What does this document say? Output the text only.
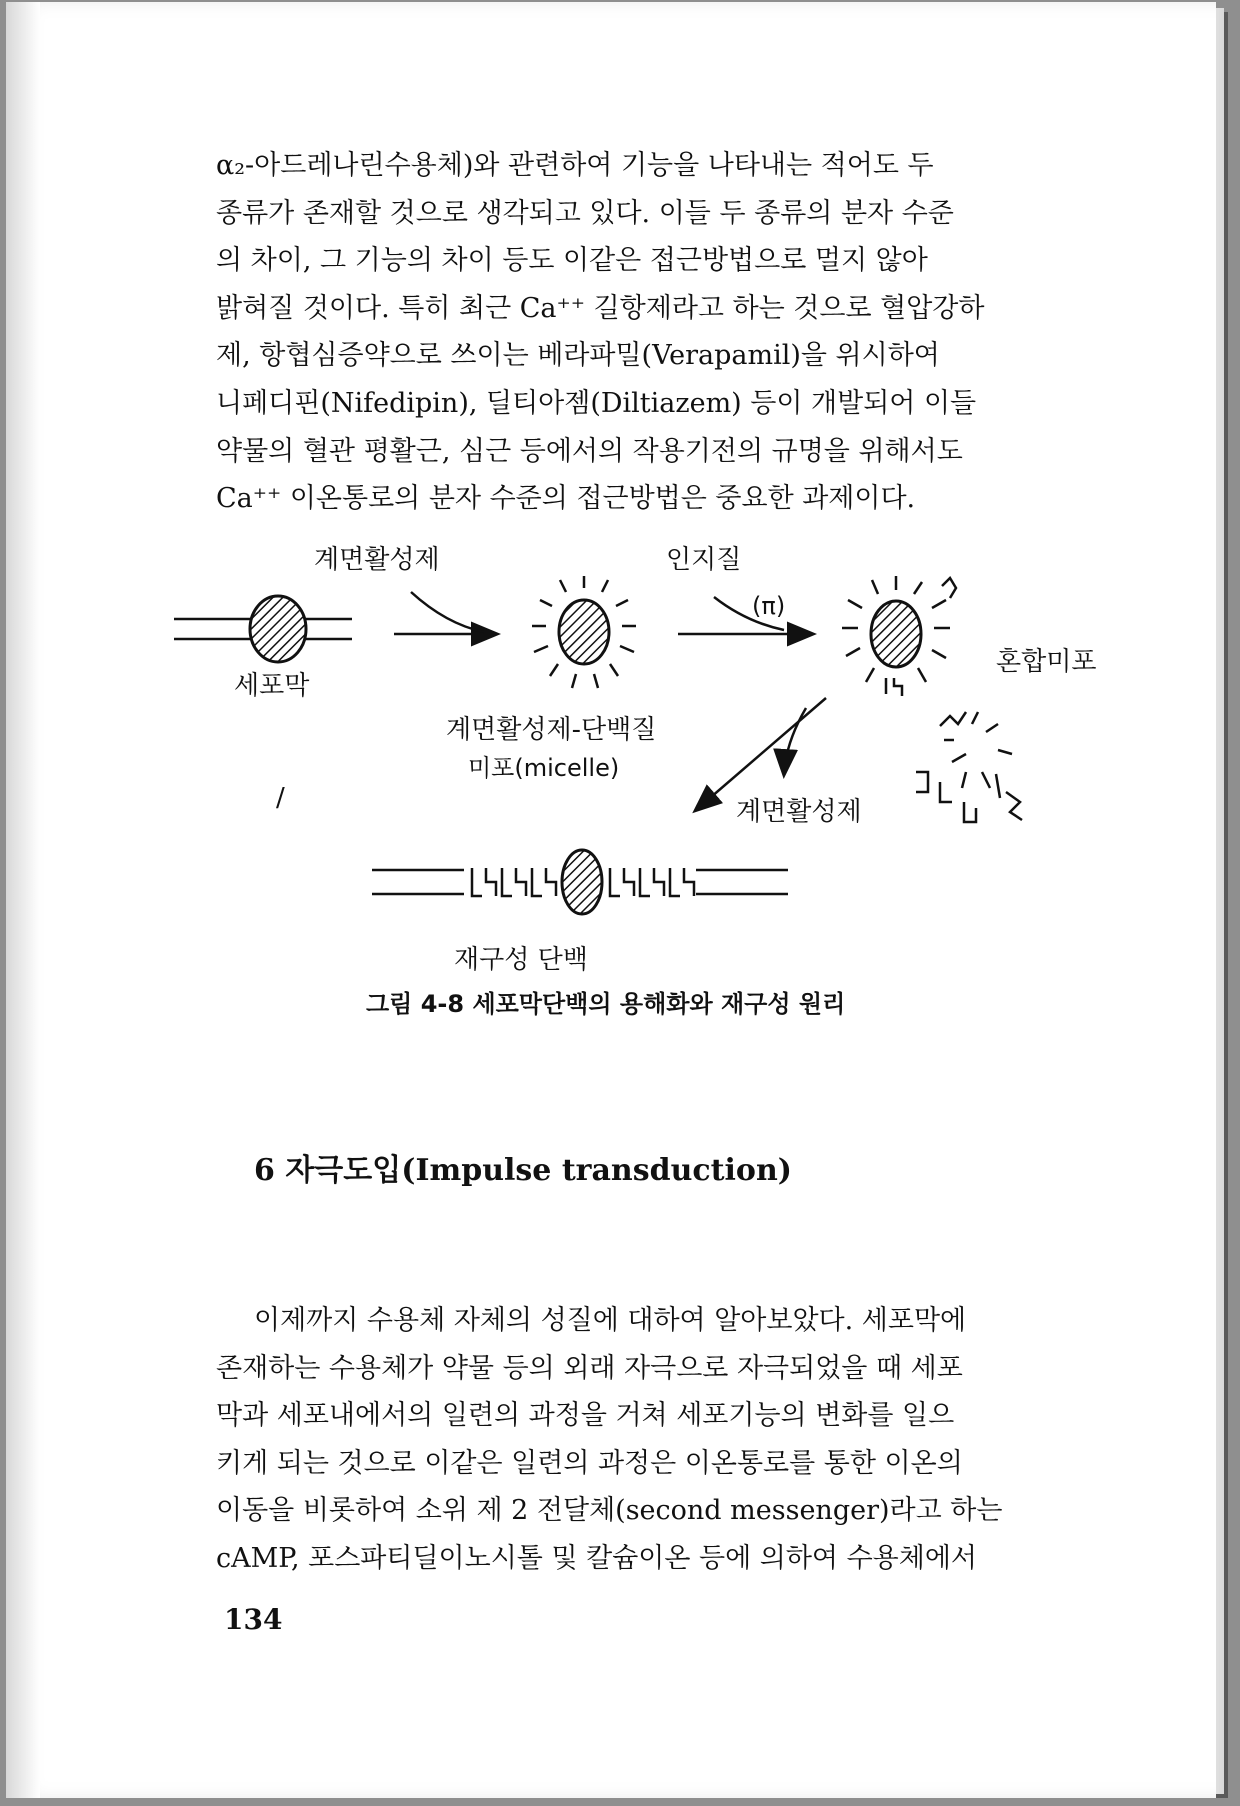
α₂-아드레나린수용체)와 관련하여 기능을 나타내는 적어도 두
종류가 존재할 것으로 생각되고 있다. 이들 두 종류의 분자 수준
의 차이, 그 기능의 차이 등도 이같은 접근방법으로 멀지 않아
밝혀질 것이다. 특히 최근 Ca⁺⁺ 길항제라고 하는 것으로 혈압강하
제, 항협심증약으로 쓰이는 베라파밀(Verapamil)을 위시하여
니페디핀(Nifedipin), 딜티아젬(Diltiazem) 등이 개발되어 이들
약물의 혈관 평활근, 심근 등에서의 작용기전의 규명을 위해서도
Ca⁺⁺ 이온통로의 분자 수준의 접근방법은 중요한 과제이다.

세포막
계면활성제
계면활성제-단백질
미포(micelle)
인지질
(π)
혼합미포
계면활성제
/
재구성 단백
그림 4-8 세포막단백의 용해화와 재구성 원리
6 자극도입(Impulse transduction)

이제까지 수용체 자체의 성질에 대하여 알아보았다. 세포막에
존재하는 수용체가 약물 등의 외래 자극으로 자극되었을 때 세포
막과 세포내에서의 일련의 과정을 거쳐 세포기능의 변화를 일으
키게 되는 것으로 이같은 일련의 과정은 이온통로를 통한 이온의
이동을 비롯하여 소위 제 2 전달체(second messenger)라고 하는
cAMP, 포스파티딜이노시톨 및 칼슘이온 등에 의하여 수용체에서

134
